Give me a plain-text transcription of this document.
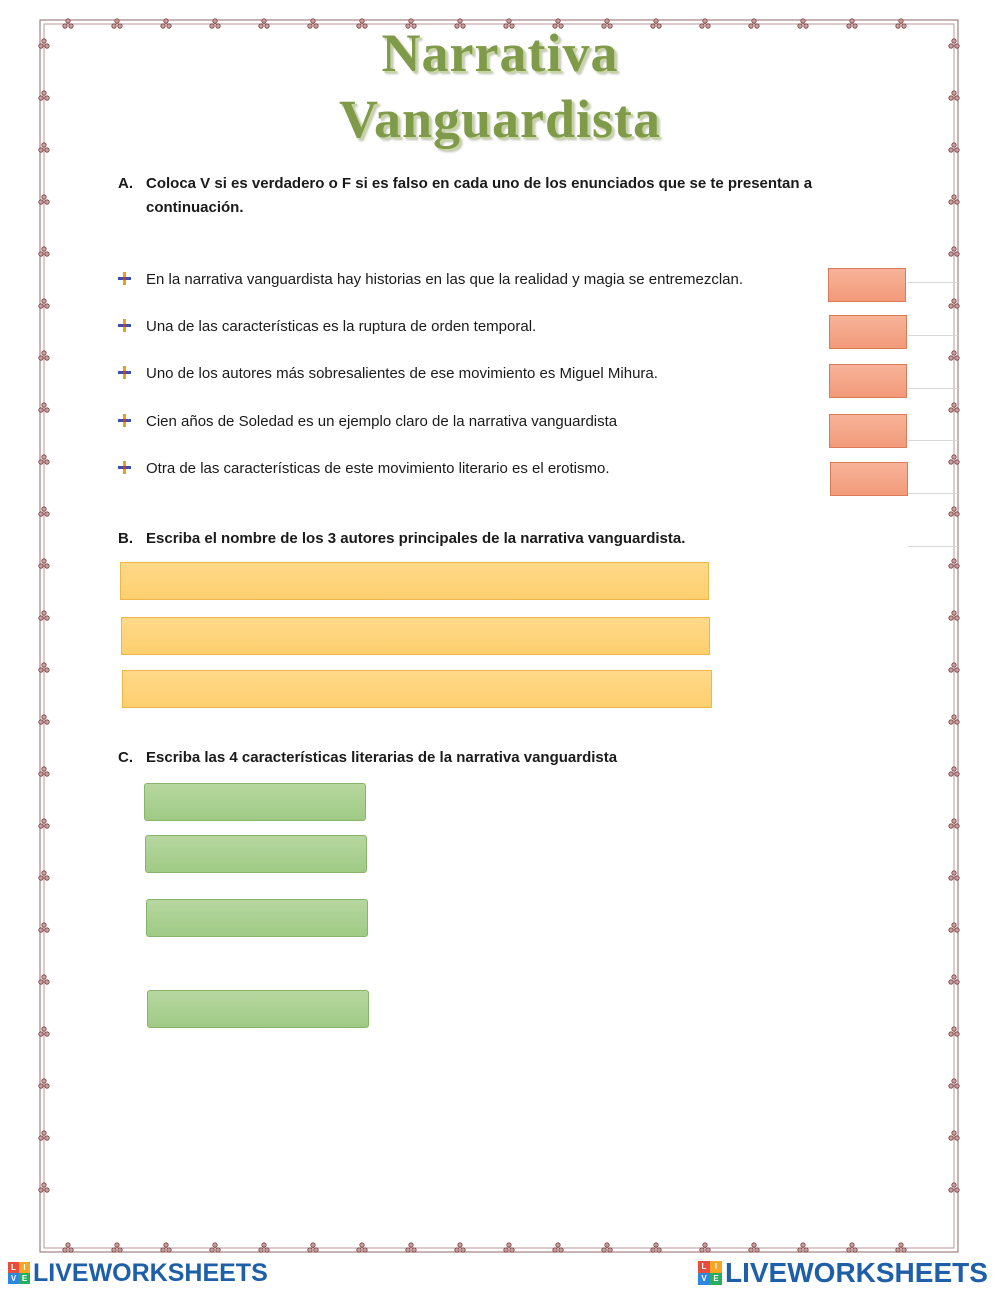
Narrativa
Vanguardista
A. Coloca V si es verdadero o F si es falso en cada uno de los enunciados que se te presentan a continuación.
En la narrativa vanguardista hay historias en las que la realidad y magia se entremezclan.
Una de las características es la ruptura de orden temporal.
Uno de los autores más sobresalientes de ese movimiento es Miguel Mihura.
Cien años de Soledad es un ejemplo claro de la narrativa vanguardista
Otra de las características de este movimiento literario es el erotismo.
B. Escriba el nombre de los 3 autores principales de la narrativa vanguardista.
C. Escriba las 4 características literarias de la narrativa vanguardista
L I
V E LIVEWORKSHEETS	L	I
V E LIVEWORKSHEETS
